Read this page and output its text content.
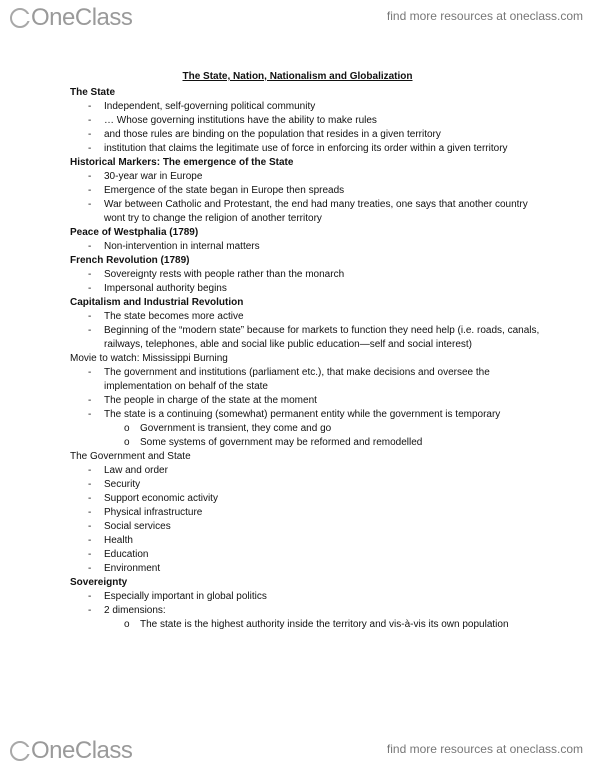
OneClass	find more resources at oneclass.com
The State, Nation, Nationalism and Globalization
The State
- Independent, self-governing political community
- … Whose governing institutions have the ability to make rules
- and those rules are binding on the population that resides in a given territory
- institution that claims the legitimate use of force in enforcing its order within a given territory
Historical Markers: The emergence of the State
- 30-year war in Europe
- Emergence of the state began in Europe then spreads
- War between Catholic and Protestant, the end had many treaties, one says that another country wont try to change the religion of another territory
Peace of Westphalia (1789)
- Non-intervention in internal matters
French Revolution (1789)
- Sovereignty rests with people rather than the monarch
- Impersonal authority begins
Capitalism and Industrial Revolution
- The state becomes more active
- Beginning of the “modern state” because for markets to function they need help (i.e. roads, canals, railways, telephones, able and social like public education—self and social interest)
Movie to watch: Mississippi Burning
- The government and institutions (parliament etc.), that make decisions and oversee the implementation on behalf of the state
- The people in charge of the state at the moment
- The state is a continuing (somewhat) permanent entity while the government is temporary
o Government is transient, they come and go
o Some systems of government may be reformed and remodelled
The Government and State
- Law and order
- Security
- Support economic activity
- Physical infrastructure
- Social services
- Health
- Education
- Environment
Sovereignty
- Especially important in global politics
- 2 dimensions:
o The state is the highest authority inside the territory and vis-à-vis its own population
OneClass	find more resources at oneclass.com
